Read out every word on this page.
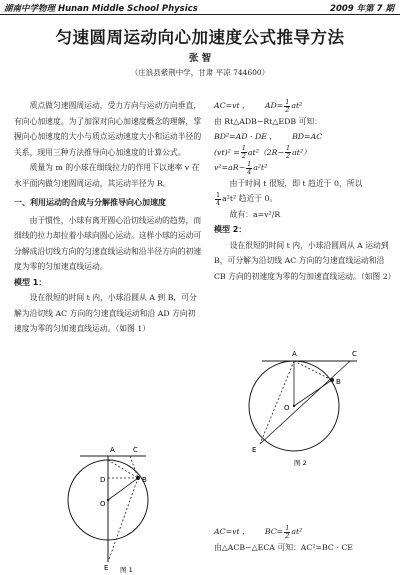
湖南中学物理 Hunan Middle School Physics	2009 年第 7 期
匀速圆周运动向心加速度公式推导方法
张 智
（庄浪县紫荆中学，甘肃 平凉 744600）

质点做匀速圆周运动，受力方向与运动方向垂直，有向心加速度。为了加深对向心加速度概念的理解，掌握向心加速度的大小与质点运动速度大小和运动半径的关系，现用三种方法推导向心加速度的计算公式。

质量为 m 的小球在细线拉力的作用下以速率 v 在水平面内做匀速圆周运动，其运动半径为 R。

一、利用运动的合成与分解推导向心加速度

由于惯性，小球有离开圆心沿切线运动的趋势，而细线的拉力却拉着小球向圆心运动。这样小球的运动可分解成沿切线方向的匀速直线运动和沿半径方向的初速度为零的匀加速直线运动。

模型 1：

设在很短的时间 t 内，小球沿圆从 A 到 B，可分解为沿切线 AC 方向的匀速直线运动和沿 AD 方向初速度为零的匀加速直线运动。（如图 1）

A	C
D	B
O
E 图 1

AC=vt ， $AD= \frac{1}{2} at^2$

由 Rt△ADB∽Rt△EDB 可知：

BD²=AD · DE ， BD=AC

$(vt)^2 = \frac{1}{2} at^2(2R- \frac{1}{2} at^2)$

$v^2=aR- \frac{1}{4} a^2t^2$

由于时间 t 很短，即 t 趋近于 0，所以

$\frac{1}{4} a^2t^2$ 趋近于 0。

故有：a=v²/R

模型 2：

设在很短的时间 t 内，小球沿圆周从 A 运动到 B，可分解为沿切线 AC 方向的匀速直线运动和沿 CB 方向的初速度为零的匀加速直线运动。（如图 2）

A	C
B
O
E
图 2

AC=vt ， $BC= \frac{1}{2} at^2$

由△ACB∽△ECA 可知：AC²=BC · CE
